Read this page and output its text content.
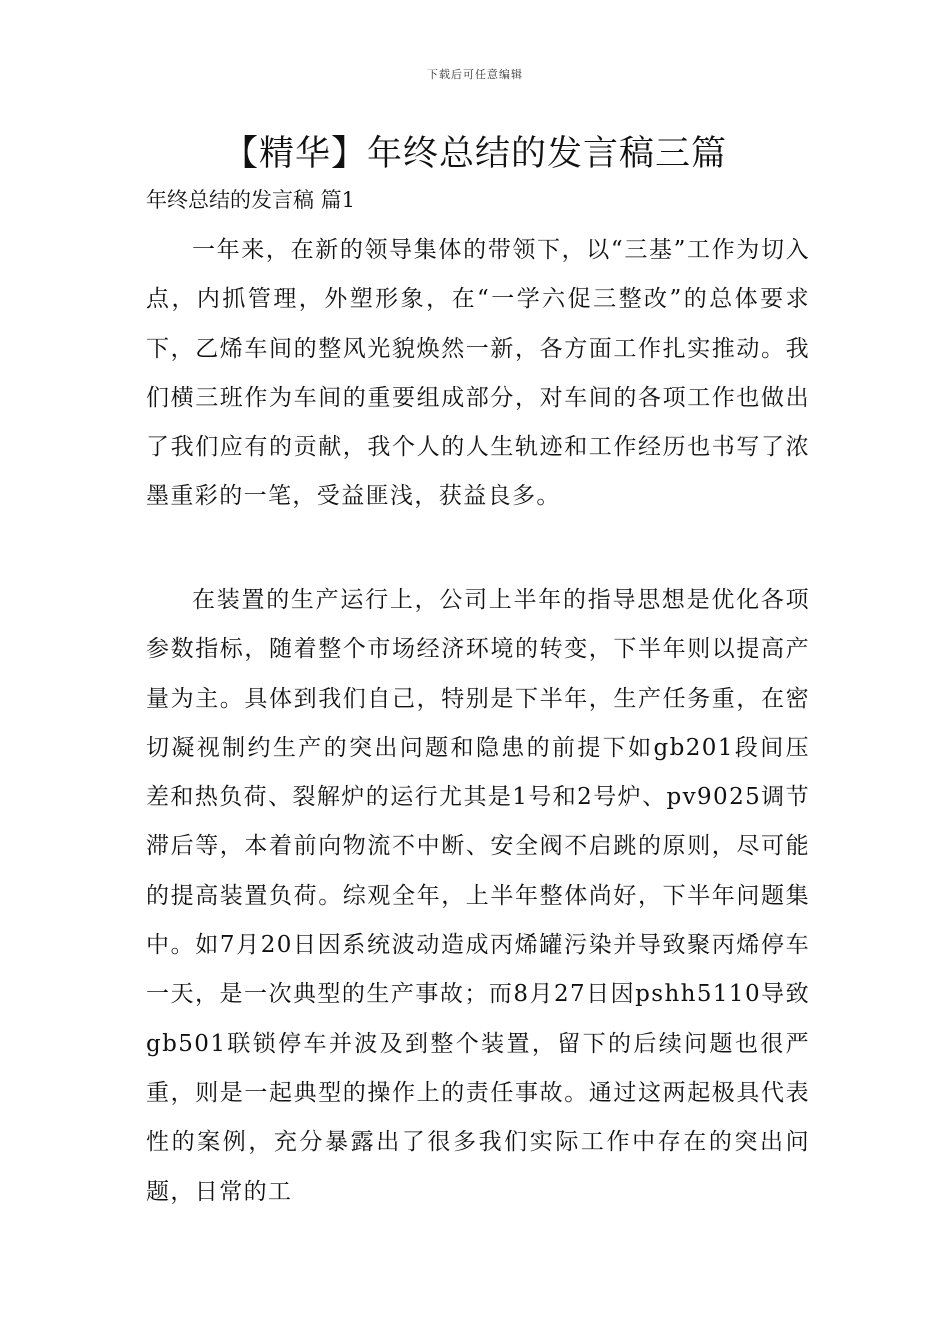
下载后可任意编辑
【精华】年终总结的发言稿三篇
年终总结的发言稿 篇1

一年来，在新的领导集体的带领下，以“三基”工作为切入点，内抓管理，外塑形象，在“一学六促三整改”的总体要求下，乙烯车间的整风光貌焕然一新，各方面工作扎实推动。我们横三班作为车间的重要组成部分，对车间的各项工作也做出了我们应有的贡献，我个人的人生轨迹和工作经历也书写了浓墨重彩的一笔，受益匪浅，获益良多。

在装置的生产运行上，公司上半年的指导思想是优化各项参数指标，随着整个市场经济环境的转变，下半年则以提高产量为主。具体到我们自己，特别是下半年，生产任务重，在密切凝视制约生产的突出问题和隐患的前提下如gb201段间压差和热负荷、裂解炉的运行尤其是1号和2号炉、pv9025调节滞后等，本着前向物流不中断、安全阀不启跳的原则，尽可能的提高装置负荷。综观全年，上半年整体尚好，下半年问题集中。如7月20日因系统波动造成丙烯罐污染并导致聚丙烯停车一天，是一次典型的生产事故；而8月27日因pshh5110导致gb501联锁停车并波及到整个装置，留下的后续问题也很严重，则是一起典型的操作上的责任事故。通过这两起极具代表性的案例，充分暴露出了很多我们实际工作中存在的突出问题，日常的工
